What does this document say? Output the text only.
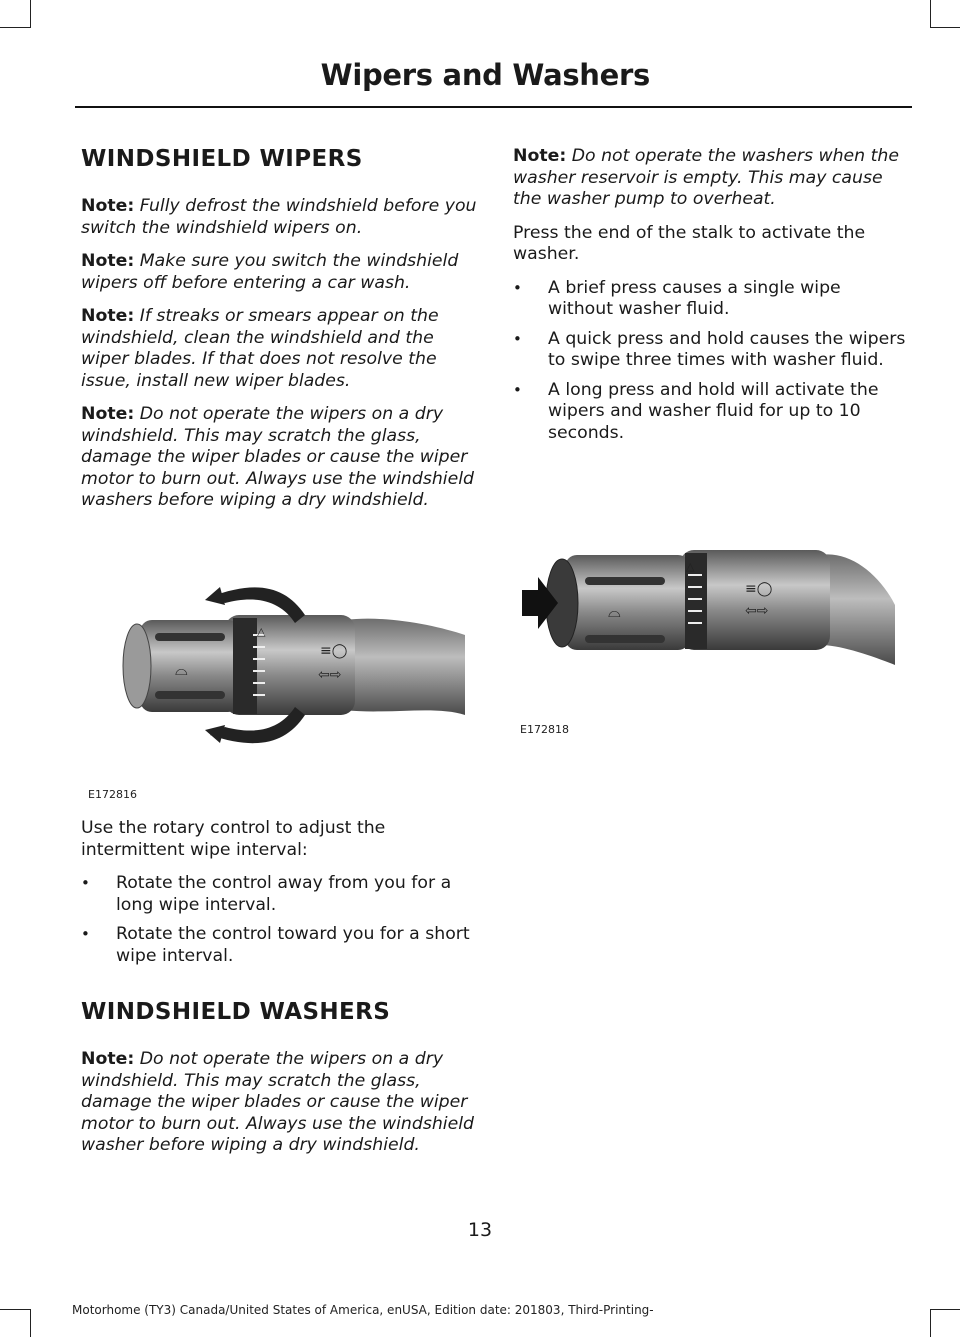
Wipers and Washers
WINDSHIELD WIPERS

Note: Fully defrost the windshield before you switch the windshield wipers on.

Note: Make sure you switch the windshield wipers off before entering a car wash.

Note: If streaks or smears appear on the windshield, clean the windshield and the wiper blades. If that does not resolve the issue, install new wiper blades.

Note: Do not operate the wipers on a dry windshield. This may scratch the glass, damage the wiper blades or cause the wiper motor to burn out. Always use the windshield washers before wiping a dry windshield.

⌓
△
≡◯
⇦⇨
E172816

Use the rotary control to adjust the intermittent wipe interval:

• Rotate the control away from you for a long wipe interval.
• Rotate the control toward you for a short wipe interval.
WINDSHIELD WASHERS

Note: Do not operate the wipers on a dry windshield. This may scratch the glass, damage the wiper blades or cause the wiper motor to burn out. Always use the windshield washer before wiping a dry windshield.

Note: Do not operate the washers when the washer reservoir is empty. This may cause the washer pump to overheat.

Press the end of the stalk to activate the washer.

• A brief press causes a single wipe without washer fluid.
• A quick press and hold causes the wipers to swipe three times with washer fluid.
• A long press and hold will activate the wipers and washer fluid for up to 10 seconds.
⌓
△
≡◯
⇦⇨
E172818
13
Motorhome (TY3) Canada/United States of America, enUSA, Edition date: 201803, Third-Printing-
